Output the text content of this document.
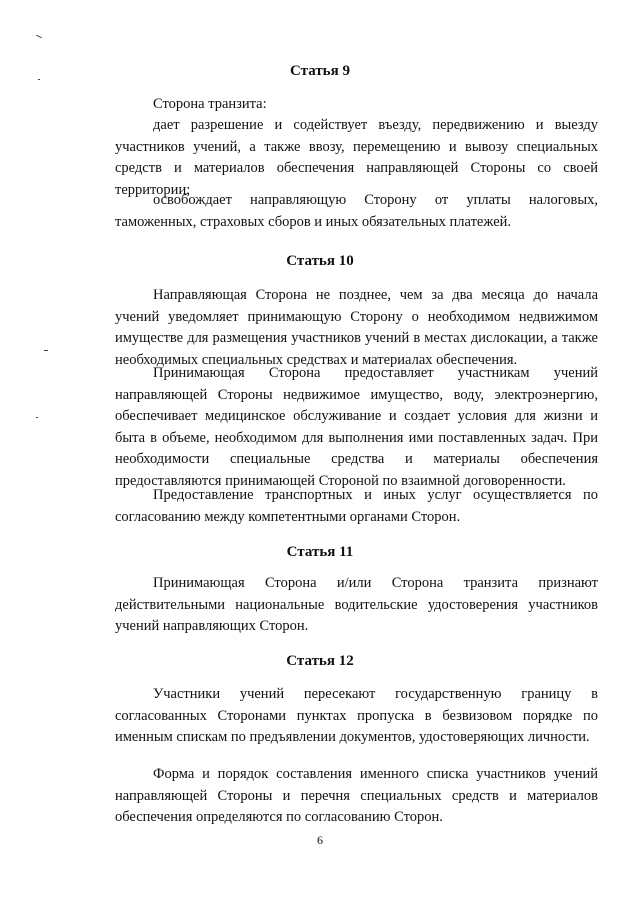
Статья 9

Сторона транзита:

дает разрешение и содействует въезду, передвижению и выезду участников учений, а также ввозу, перемещению и вывозу специальных средств и материалов обеспечения направляющей Стороны со своей территории;

освобождает направляющую Сторону от уплаты налоговых, таможенных, страховых сборов и иных обязательных платежей.

Статья 10

Направляющая Сторона не позднее, чем за два месяца до начала учений уведомляет принимающую Сторону о необходимом недвижимом имуществе для размещения участников учений в местах дислокации, а также необходимых специальных средствах и материалах обеспечения.

Принимающая Сторона предоставляет участникам учений направляющей Стороны недвижимое имущество, воду, электроэнергию, обеспечивает медицинское обслуживание и создает условия для жизни и быта в объеме, необходимом для выполнения ими поставленных задач. При необходимости специальные средства и материалы обеспечения предоставляются принимающей Стороной по взаимной договоренности.

Предоставление транспортных и иных услуг осуществляется по согласованию между компетентными органами Сторон.

Статья 11

Принимающая Сторона и/или Сторона транзита признают действительными национальные водительские удостоверения участников учений направляющих Сторон.

Статья 12

Участники учений пересекают государственную границу в согласованных Сторонами пунктах пропуска в безвизовом порядке по именным спискам по предъявлении документов, удостоверяющих личности.

Форма и порядок составления именного списка участников учений направляющей Стороны и перечня специальных средств и материалов обеспечения определяются по согласованию Сторон.

6
